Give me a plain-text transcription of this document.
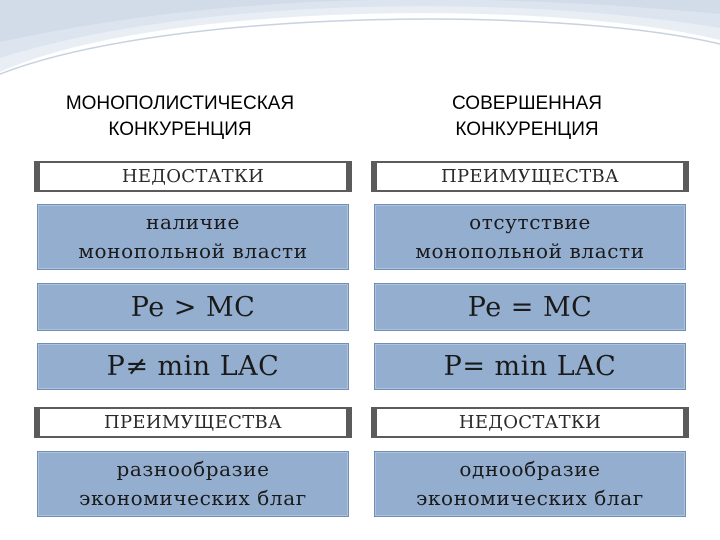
МОНОПОЛИСТИЧЕСКАЯ
КОНКУРЕНЦИЯ
НЕДОСТАТКИ
наличие
монопольной власти
Pe > MC
P≠ min LAC
ПРЕИМУЩЕСТВА
разнообразие
экономических благ
СОВЕРШЕННАЯ
КОНКУРЕНЦИЯ
ПРЕИМУЩЕСТВА
отсутствие
монопольной власти
Pe = MC
P= min LAC
НЕДОСТАТКИ
однообразие
экономических благ
